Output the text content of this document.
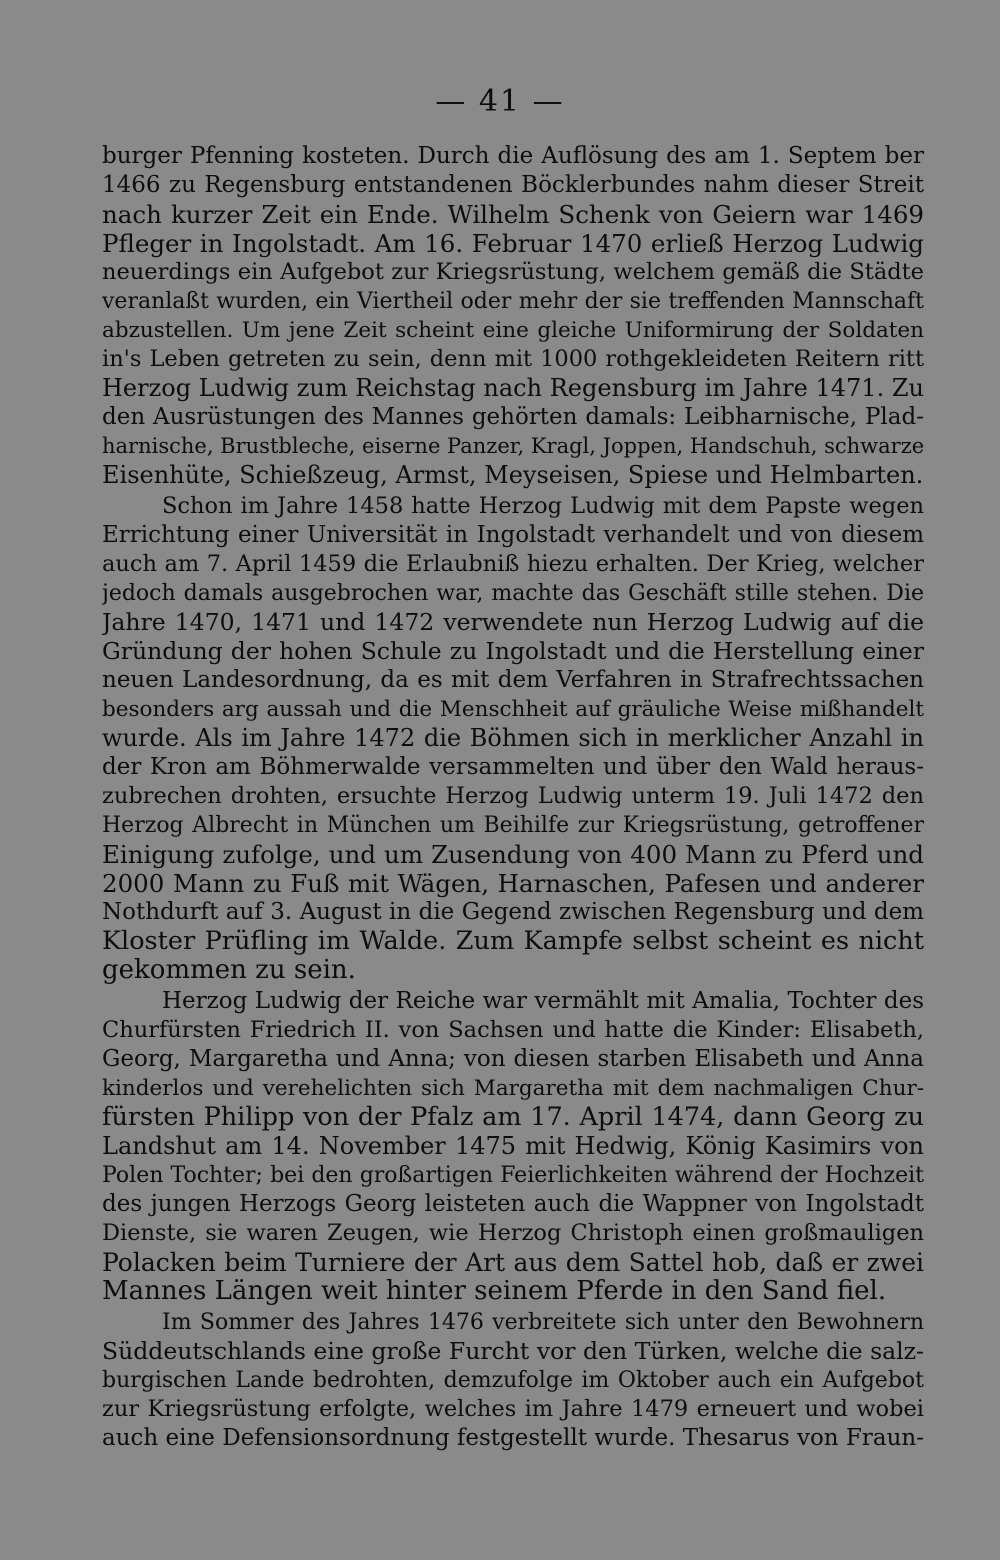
— 41 —
burger Pfenning kosteten. Durch die Auflösung des am 1. Septem ber
1466 zu Regensburg entstandenen Böcklerbundes nahm dieser Streit
nach kurzer Zeit ein Ende. Wilhelm Schenk von Geiern war 1469
Pfleger in Ingolstadt. Am 16. Februar 1470 erließ Herzog Ludwig
neuerdings ein Aufgebot zur Kriegsrüstung, welchem gemäß die Städte
veranlaßt wurden, ein Viertheil oder mehr der sie treffenden Mannschaft
abzustellen. Um jene Zeit scheint eine gleiche Uniformirung der Soldaten
in's Leben getreten zu sein, denn mit 1000 rothgekleideten Reitern ritt
Herzog Ludwig zum Reichstag nach Regensburg im Jahre 1471. Zu
den Ausrüstungen des Mannes gehörten damals: Leibharnische, Plad-
harnische, Brustbleche, eiserne Panzer, Kragl, Joppen, Handschuh, schwarze
Eisenhüte, Schießzeug, Armst, Meyseisen, Spiese und Helmbarten.
Schon im Jahre 1458 hatte Herzog Ludwig mit dem Papste wegen
Errichtung einer Universität in Ingolstadt verhandelt und von diesem
auch am 7. April 1459 die Erlaubniß hiezu erhalten. Der Krieg, welcher
jedoch damals ausgebrochen war, machte das Geschäft stille stehen. Die
Jahre 1470, 1471 und 1472 verwendete nun Herzog Ludwig auf die
Gründung der hohen Schule zu Ingolstadt und die Herstellung einer
neuen Landesordnung, da es mit dem Verfahren in Strafrechtssachen
besonders arg aussah und die Menschheit auf gräuliche Weise mißhandelt
wurde. Als im Jahre 1472 die Böhmen sich in merklicher Anzahl in
der Kron am Böhmerwalde versammelten und über den Wald heraus-
zubrechen drohten, ersuchte Herzog Ludwig unterm 19. Juli 1472 den
Herzog Albrecht in München um Beihilfe zur Kriegsrüstung, getroffener
Einigung zufolge, und um Zusendung von 400 Mann zu Pferd und
2000 Mann zu Fuß mit Wägen, Harnaschen, Pafesen und anderer
Nothdurft auf 3. August in die Gegend zwischen Regensburg und dem
Kloster Prüfling im Walde. Zum Kampfe selbst scheint es nicht
gekommen zu sein.
Herzog Ludwig der Reiche war vermählt mit Amalia, Tochter des
Churfürsten Friedrich II. von Sachsen und hatte die Kinder: Elisabeth,
Georg, Margaretha und Anna; von diesen starben Elisabeth und Anna
kinderlos und verehelichten sich Margaretha mit dem nachmaligen Chur-
fürsten Philipp von der Pfalz am 17. April 1474, dann Georg zu
Landshut am 14. November 1475 mit Hedwig, König Kasimirs von
Polen Tochter; bei den großartigen Feierlichkeiten während der Hochzeit
des jungen Herzogs Georg leisteten auch die Wappner von Ingolstadt
Dienste, sie waren Zeugen, wie Herzog Christoph einen großmauligen
Polacken beim Turniere der Art aus dem Sattel hob, daß er zwei
Mannes Längen weit hinter seinem Pferde in den Sand fiel.
Im Sommer des Jahres 1476 verbreitete sich unter den Bewohnern
Süddeutschlands eine große Furcht vor den Türken, welche die salz-
burgischen Lande bedrohten, demzufolge im Oktober auch ein Aufgebot
zur Kriegsrüstung erfolgte, welches im Jahre 1479 erneuert und wobei
auch eine Defensionsordnung festgestellt wurde. Thesarus von Fraun-
